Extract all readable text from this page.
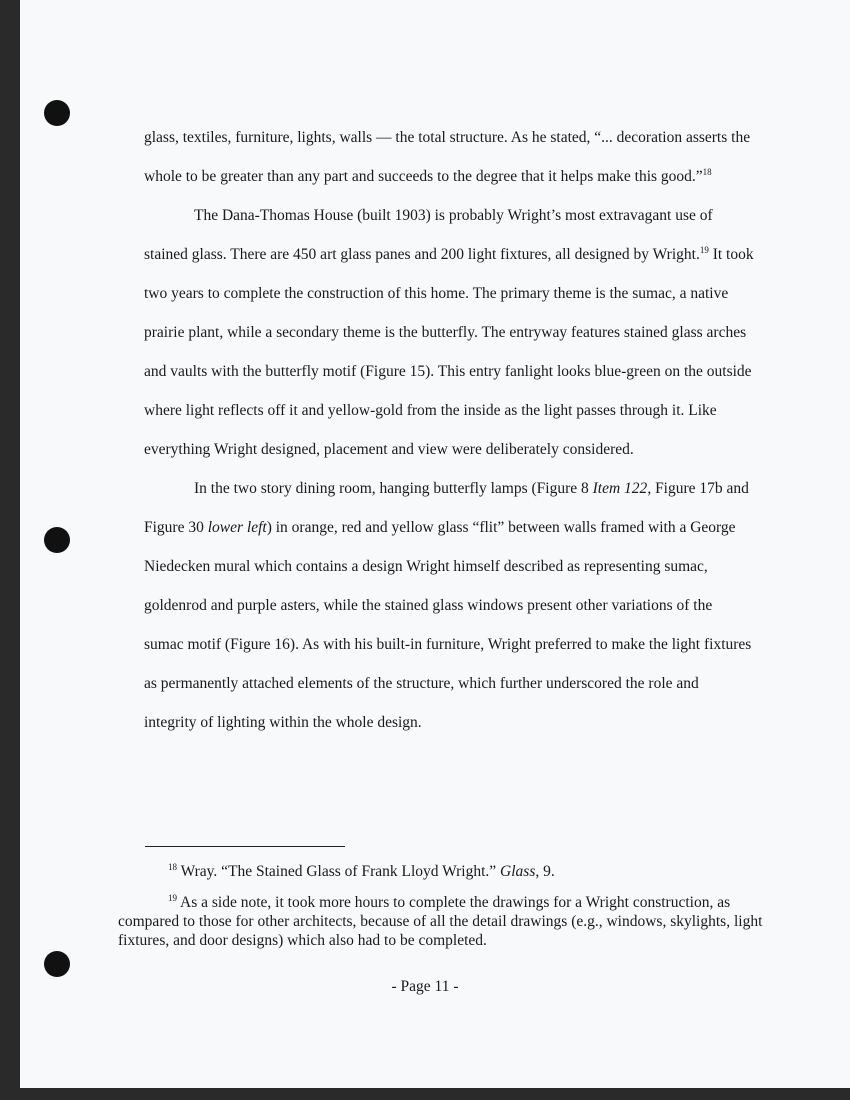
glass, textiles, furniture, lights, walls — the total structure. As he stated, “... decoration asserts the whole to be greater than any part and succeeds to the degree that it helps make this good.”$^{18}$

The Dana-Thomas House (built 1903) is probably Wright’s most extravagant use of stained glass. There are 450 art glass panes and 200 light fixtures, all designed by Wright.$^{19}$ It took two years to complete the construction of this home. The primary theme is the sumac, a native prairie plant, while a secondary theme is the butterfly. The entryway features stained glass arches and vaults with the butterfly motif (Figure 15). This entry fanlight looks blue-green on the outside where light reflects off it and yellow-gold from the inside as the light passes through it. Like everything Wright designed, placement and view were deliberately considered.

In the two story dining room, hanging butterfly lamps (Figure 8 Item 122, Figure 17b and Figure 30 lower left) in orange, red and yellow glass “flit” between walls framed with a George Niedecken mural which contains a design Wright himself described as representing sumac, goldenrod and purple asters, while the stained glass windows present other variations of the sumac motif (Figure 16). As with his built-in furniture, Wright preferred to make the light fixtures as permanently attached elements of the structure, which further underscored the role and integrity of lighting within the whole design.

$^{18}$ Wray. “The Stained Glass of Frank Lloyd Wright.” Glass, 9.

$^{19}$ As a side note, it took more hours to complete the drawings for a Wright construction, as compared to those for other architects, because of all the detail drawings (e.g., windows, skylights, light fixtures, and door designs) which also had to be completed.

- Page 11 -
